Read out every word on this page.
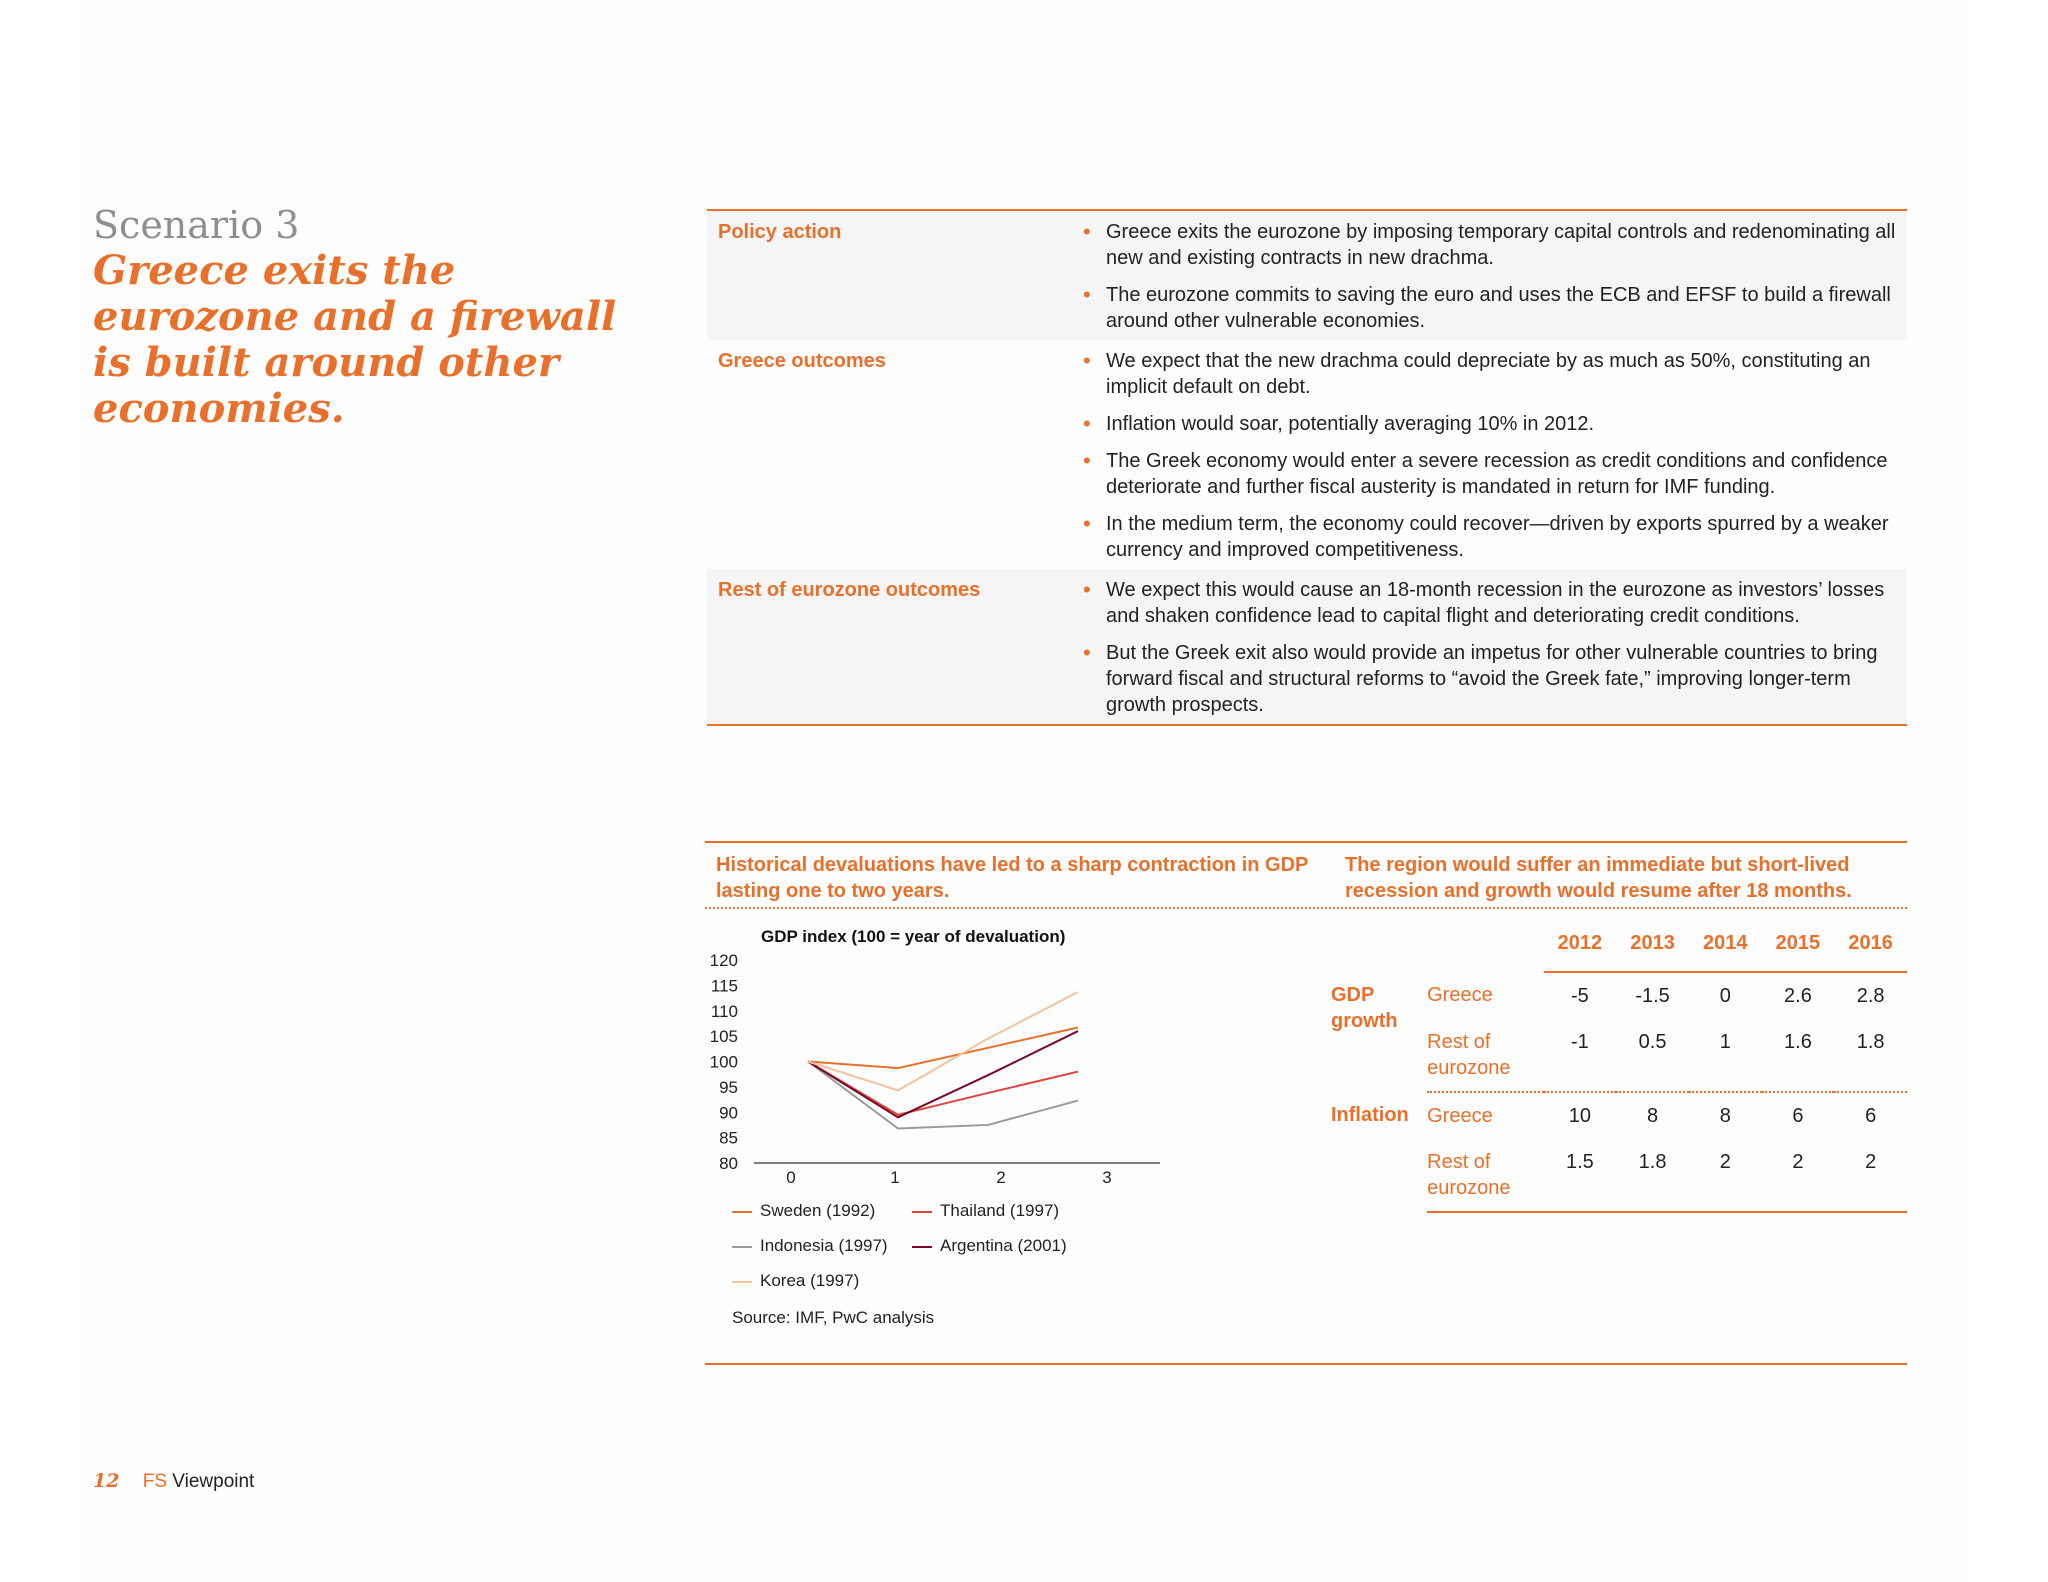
Scenario 3
Greece exits the eurozone and a firewall is built around other economies.
Policy action	• Greece exits the eurozone by imposing temporary capital controls and redenominating all new and existing contracts in new drachma.
• The eurozone commits to saving the euro and uses the ECB and EFSF to build a firewall around other vulnerable economies.
Greece outcomes	• We expect that the new drachma could depreciate by as much as 50%, constituting an implicit default on debt.
• Inflation would soar, potentially averaging 10% in 2012.
• The Greek economy would enter a severe recession as credit conditions and confidence deteriorate and further fiscal austerity is mandated in return for IMF funding.
• In the medium term, the economy could recover—driven by exports spurred by a weaker currency and improved competitiveness.
Rest of eurozone outcomes	• We expect this would cause an 18-month recession in the eurozone as investors’ losses and shaken confidence lead to capital flight and deteriorating credit conditions.
• But the Greek exit also would provide an impetus for other vulnerable countries to bring forward fiscal and structural reforms to “avoid the Greek fate,” improving longer-term growth prospects.
Historical devaluations have led to a sharp contraction in GDP lasting one to two years.
The region would suffer an immediate but short-lived recession and growth would resume after 18 months.
GDP index (100 = year of devaluation)
120
115
110
105
100
95
90
85
80
0	1	2	3
Sweden (1992)	Thailand (1997)
Indonesia (1997)	Argentina (2001)
Korea (1997)
Source: IMF, PwC analysis
		2012	2013	2014	2015	2016
GDP growth	Greece	-5	-1.5	0	2.6	2.8
	Rest of eurozone	-1	0.5	1	1.6	1.8
Inflation	Greece	10	8	8	6	6
	Rest of eurozone	1.5	1.8	2	2	2
12 FS Viewpoint
